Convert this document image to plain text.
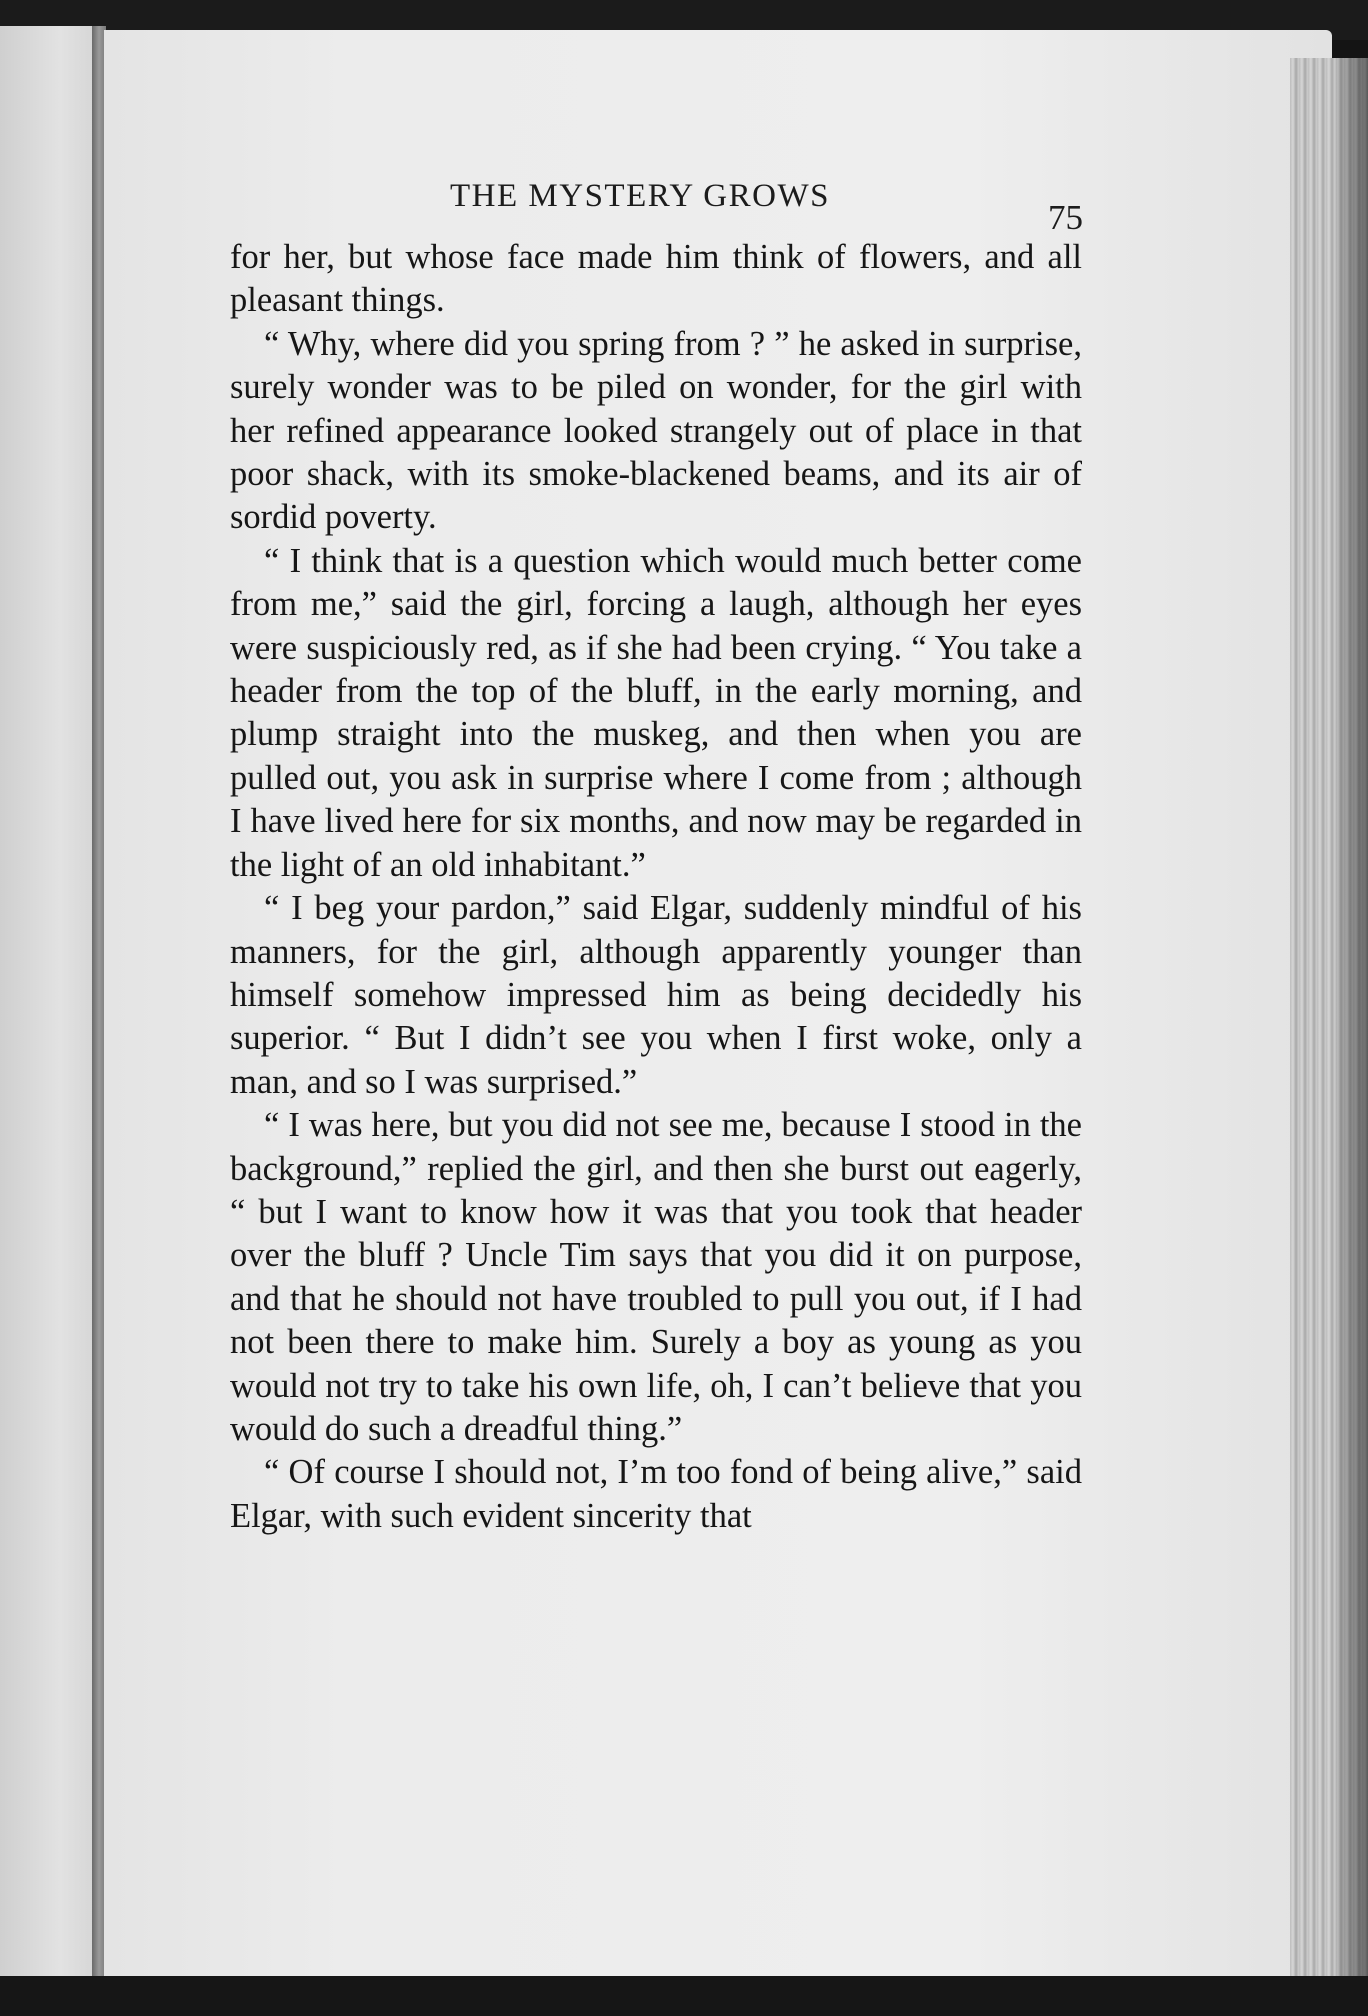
THE MYSTERY GROWS
75

for her, but whose face made him think of flowers, and all pleasant things.

“ Why, where did you spring from ? ” he asked in surprise, surely wonder was to be piled on wonder, for the girl with her refined appearance looked strangely out of place in that poor shack, with its smoke-blackened beams, and its air of sordid poverty.

“ I think that is a question which would much better come from me,” said the girl, forcing a laugh, although her eyes were suspiciously red, as if she had been crying. “ You take a header from the top of the bluff, in the early morning, and plump straight into the muskeg, and then when you are pulled out, you ask in surprise where I come from ; although I have lived here for six months, and now may be regarded in the light of an old inhabitant.”

“ I beg your pardon,” said Elgar, suddenly mindful of his manners, for the girl, although apparently younger than himself somehow impressed him as being decidedly his superior. “ But I didn’t see you when I first woke, only a man, and so I was surprised.”

“ I was here, but you did not see me, because I stood in the background,” replied the girl, and then she burst out eagerly, “ but I want to know how it was that you took that header over the bluff ? Uncle Tim says that you did it on purpose, and that he should not have troubled to pull you out, if I had not been there to make him. Surely a boy as young as you would not try to take his own life, oh, I can’t believe that you would do such a dreadful thing.”

“ Of course I should not, I’m too fond of being alive,” said Elgar, with such evident sincerity that
